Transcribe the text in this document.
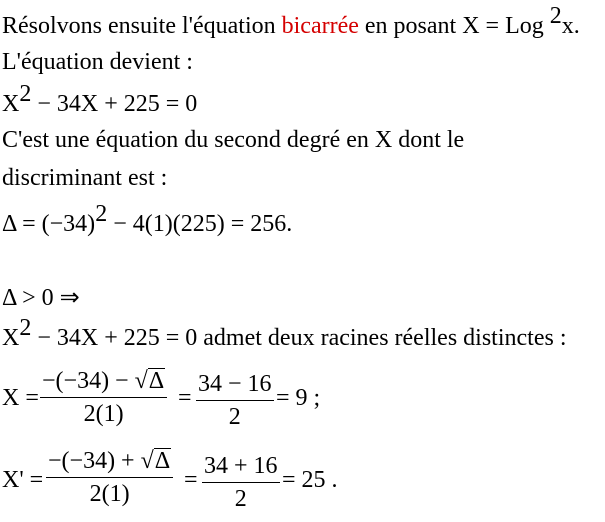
Résolvons ensuite l'équation bicarrée en posant X = Log $^2$x.
L'équation devient :
$X^2 - 34X + 225 = 0$
C'est une équation du second degré en X dont le
discriminant est :
$\Delta = (-34)^2 - 4(1)(225) = 256$.
Δ > 0 ⇒
$X^2 - 34X + 225 = 0$ admet deux racines réelles distinctes :
X =
−(−34) − √Δ
2(1)
=
34 − 16
2
= 9 ;
X' =
−(−34) + √Δ
2(1)
=
34 + 16
2
= 25 .
